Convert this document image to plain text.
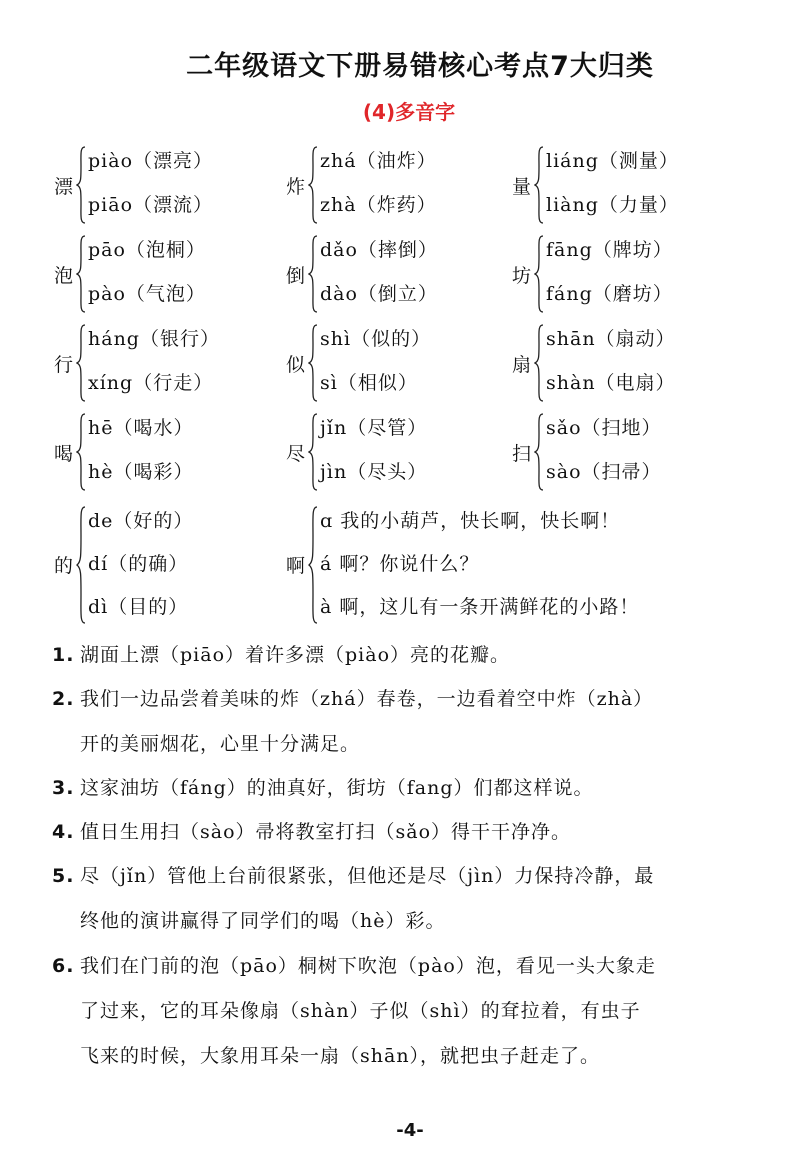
二年级语文下册易错核心考点7大归类
(4)多音字
漂
piào（漂亮）
piāo（漂流）
炸
zhá（油炸）
zhà（炸药）
量
liáng（测量）
liàng（力量）
泡
pāo（泡桐）
pào（气泡）
倒
dǎo（摔倒）
dào（倒立）
坊
fāng（牌坊）
fáng（磨坊）
行
háng（银行）
xíng（行走）
似
shì（似的）
sì（相似）
扇
shān（扇动）
shàn（电扇）
喝
hē（喝水）
hè（喝彩）
尽
jǐn（尽管）
jìn（尽头）
扫
sǎo（扫地）
sào（扫帚）
的
de（好的）
dí（的确）
dì（目的）
啊
ɑ 我的小葫芦，快长啊，快长啊！
á 啊？你说什么？
à 啊，这儿有一条开满鲜花的小路！
1. 湖面上漂（piāo）着许多漂（piào）亮的花瓣。
2. 我们一边品尝着美味的炸（zhá）春卷，一边看着空中炸（zhà）
开的美丽烟花，心里十分满足。
3. 这家油坊（fáng）的油真好，街坊（fang）们都这样说。
4. 值日生用扫（sào）帚将教室打扫（sǎo）得干干净净。
5. 尽（jǐn）管他上台前很紧张，但他还是尽（jìn）力保持冷静，最
终他的演讲赢得了同学们的喝（hè）彩。
6. 我们在门前的泡（pāo）桐树下吹泡（pào）泡，看见一头大象走
了过来，它的耳朵像扇（shàn）子似（shì）的耷拉着，有虫子
飞来的时候，大象用耳朵一扇（shān），就把虫子赶走了。
-4-
